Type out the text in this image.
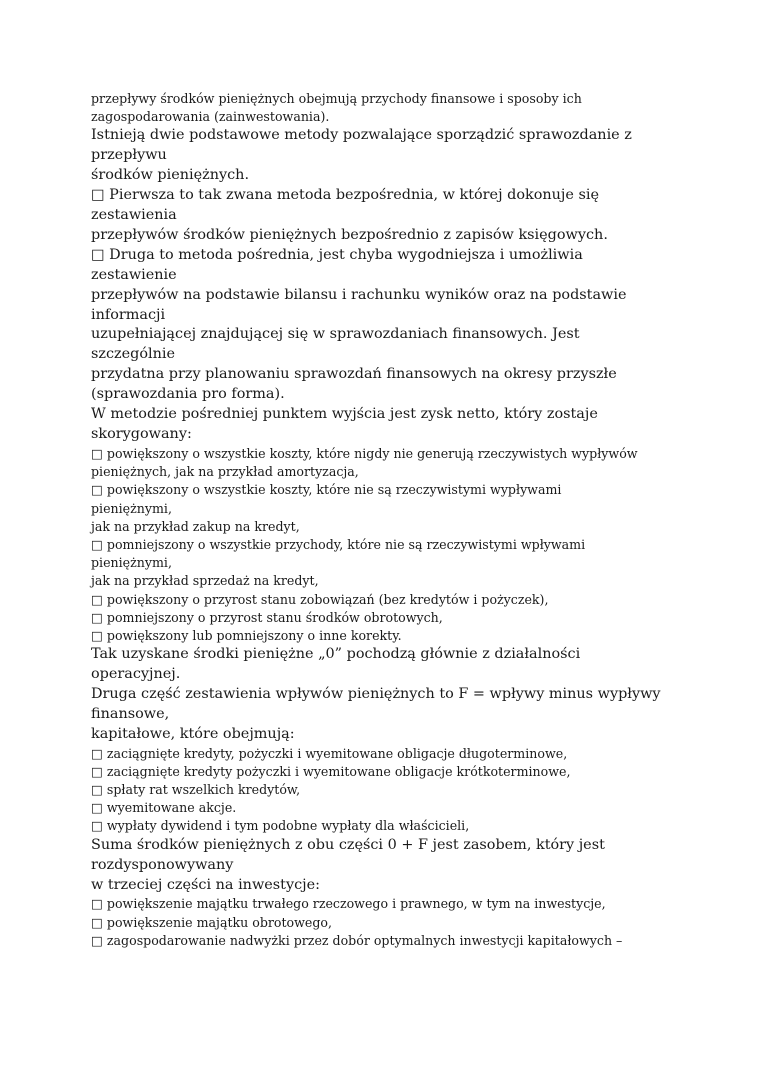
przepływy środków pieniężnych obejmują przychody finansowe i sposoby ich
zagospodarowania (zainwestowania).
Istnieją dwie podstawowe metody pozwalające sporządzić sprawozdanie z
przepływu
środków pieniężnych.
□ Pierwsza to tak zwana metoda bezpośrednia, w której dokonuje się
zestawienia
przepływów środków pieniężnych bezpośrednio z zapisów księgowych.
□ Druga to metoda pośrednia, jest chyba wygodniejsza i umożliwia
zestawienie
przepływów na podstawie bilansu i rachunku wyników oraz na podstawie
informacji
uzupełniającej znajdującej się w sprawozdaniach finansowych. Jest
szczególnie
przydatna przy planowaniu sprawozdań finansowych na okresy przyszłe
(sprawozdania pro forma).
W metodzie pośredniej punktem wyjścia jest zysk netto, który zostaje
skorygowany:
□ powiększony o wszystkie koszty, które nigdy nie generują rzeczywistych wypływów
pieniężnych, jak na przykład amortyzacja,
□ powiększony o wszystkie koszty, które nie są rzeczywistymi wypływami
pieniężnymi,
jak na przykład zakup na kredyt,
□ pomniejszony o wszystkie przychody, które nie są rzeczywistymi wpływami
pieniężnymi,
jak na przykład sprzedaż na kredyt,
□ powiększony o przyrost stanu zobowiązań (bez kredytów i pożyczek),
□ pomniejszony o przyrost stanu środków obrotowych,
□ powiększony lub pomniejszony o inne korekty.
Tak uzyskane środki pieniężne „0” pochodzą głównie z działalności
operacyjnej.
Druga część zestawienia wpływów pieniężnych to F = wpływy minus wypływy
finansowe,
kapitałowe, które obejmują:
□ zaciągnięte kredyty, pożyczki i wyemitowane obligacje długoterminowe,
□ zaciągnięte kredyty pożyczki i wyemitowane obligacje krótkoterminowe,
□ spłaty rat wszelkich kredytów,
□ wyemitowane akcje.
□ wypłaty dywidend i tym podobne wypłaty dla właścicieli,
Suma środków pieniężnych z obu części 0 + F jest zasobem, który jest
rozdysponowywany
w trzeciej części na inwestycje:
□ powiększenie majątku trwałego rzeczowego i prawnego, w tym na inwestycje,
□ powiększenie majątku obrotowego,
□ zagospodarowanie nadwyżki przez dobór optymalnych inwestycji kapitałowych –
